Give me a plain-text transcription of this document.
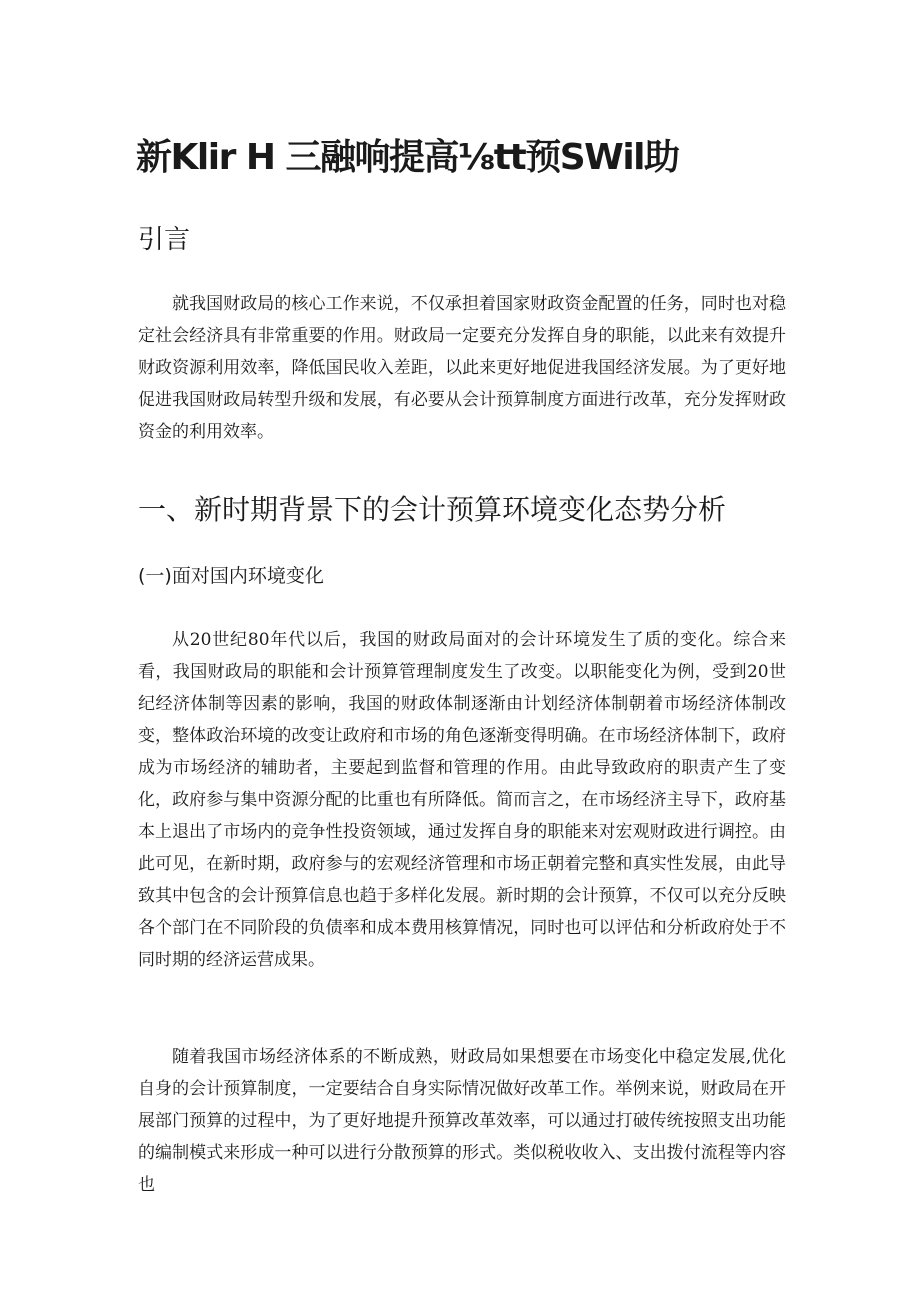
新Klir H 三融响提高⅛tt预SWil助
引言

就我国财政局的核心工作来说，不仅承担着国家财政资金配置的任务，同时也对稳定社会经济具有非常重要的作用。财政局一定要充分发挥自身的职能，以此来有效提升财政资源利用效率，降低国民收入差距，以此来更好地促进我国经济发展。为了更好地促进我国财政局转型升级和发展，有必要从会计预算制度方面进行改革，充分发挥财政资金的利用效率。

一、新时期背景下的会计预算环境变化态势分析
(一)面对国内环境变化

从20世纪80年代以后，我国的财政局面对的会计环境发生了质的变化。综合来看，我国财政局的职能和会计预算管理制度发生了改变。以职能变化为例，受到20世纪经济体制等因素的影响，我国的财政体制逐渐由计划经济体制朝着市场经济体制改变，整体政治环境的改变让政府和市场的角色逐渐变得明确。在市场经济体制下，政府成为市场经济的辅助者，主要起到监督和管理的作用。由此导致政府的职责产生了变化，政府参与集中资源分配的比重也有所降低。简而言之，在市场经济主导下，政府基本上退出了市场内的竞争性投资领域，通过发挥自身的职能来对宏观财政进行调控。由此可见，在新时期，政府参与的宏观经济管理和市场正朝着完整和真实性发展，由此导致其中包含的会计预算信息也趋于多样化发展。新时期的会计预算，不仅可以充分反映各个部门在不同阶段的负债率和成本费用核算情况，同时也可以评估和分析政府处于不同时期的经济运营成果。

随着我国市场经济体系的不断成熟，财政局如果想要在市场变化中稳定发展,优化自身的会计预算制度，一定要结合自身实际情况做好改革工作。举例来说，财政局在开展部门预算的过程中，为了更好地提升预算改革效率，可以通过打破传统按照支出功能的编制模式来形成一种可以进行分散预算的形式。类似税收收入、支出拨付流程等内容也
